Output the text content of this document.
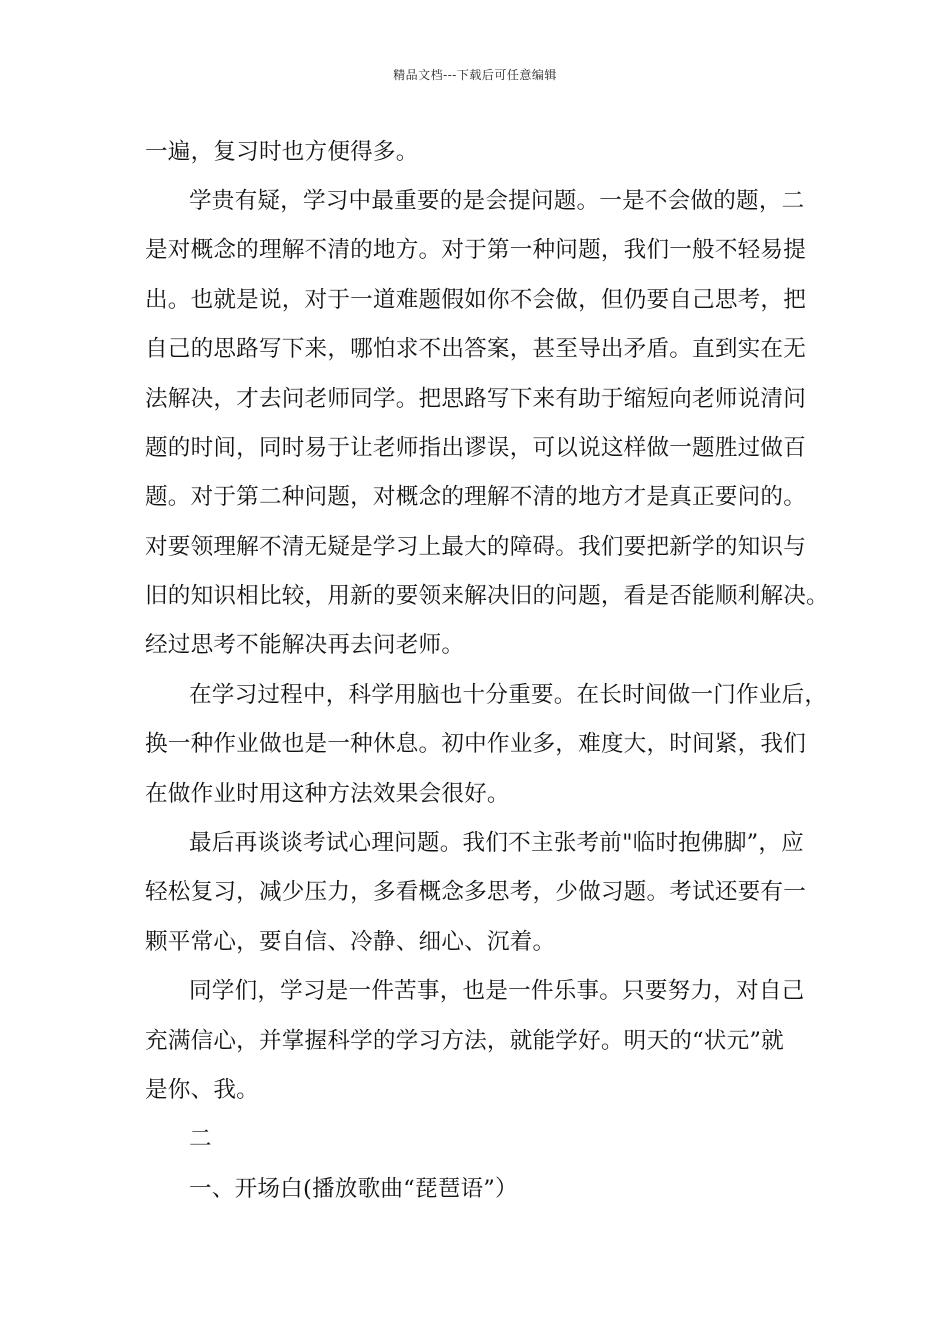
精品文档---下载后可任意编辑
一遍，复习时也方便得多。
学贵有疑，学习中最重要的是会提问题。一是不会做的题，二
是对概念的理解不清的地方。对于第一种问题，我们一般不轻易提
出。也就是说，对于一道难题假如你不会做，但仍要自己思考，把
自己的思路写下来，哪怕求不出答案，甚至导出矛盾。直到实在无
法解决，才去问老师同学。把思路写下来有助于缩短向老师说清问
题的时间，同时易于让老师指出谬误，可以说这样做一题胜过做百
题。对于第二种问题，对概念的理解不清的地方才是真正要问的。
对要领理解不清无疑是学习上最大的障碍。我们要把新学的知识与
旧的知识相比较，用新的要领来解决旧的问题，看是否能顺利解决。
经过思考不能解决再去问老师。
在学习过程中，科学用脑也十分重要。在长时间做一门作业后，
换一种作业做也是一种休息。初中作业多，难度大，时间紧，我们
在做作业时用这种方法效果会很好。
最后再谈谈考试心理问题。我们不主张考前"临时抱佛脚”，应
轻松复习，减少压力，多看概念多思考，少做习题。考试还要有一
颗平常心，要自信、冷静、细心、沉着。
同学们，学习是一件苦事，也是一件乐事。只要努力，对自己
充满信心，并掌握科学的学习方法，就能学好。明天的“状元”就
是你、我。
二
一、开场白(播放歌曲“琵琶语”）
